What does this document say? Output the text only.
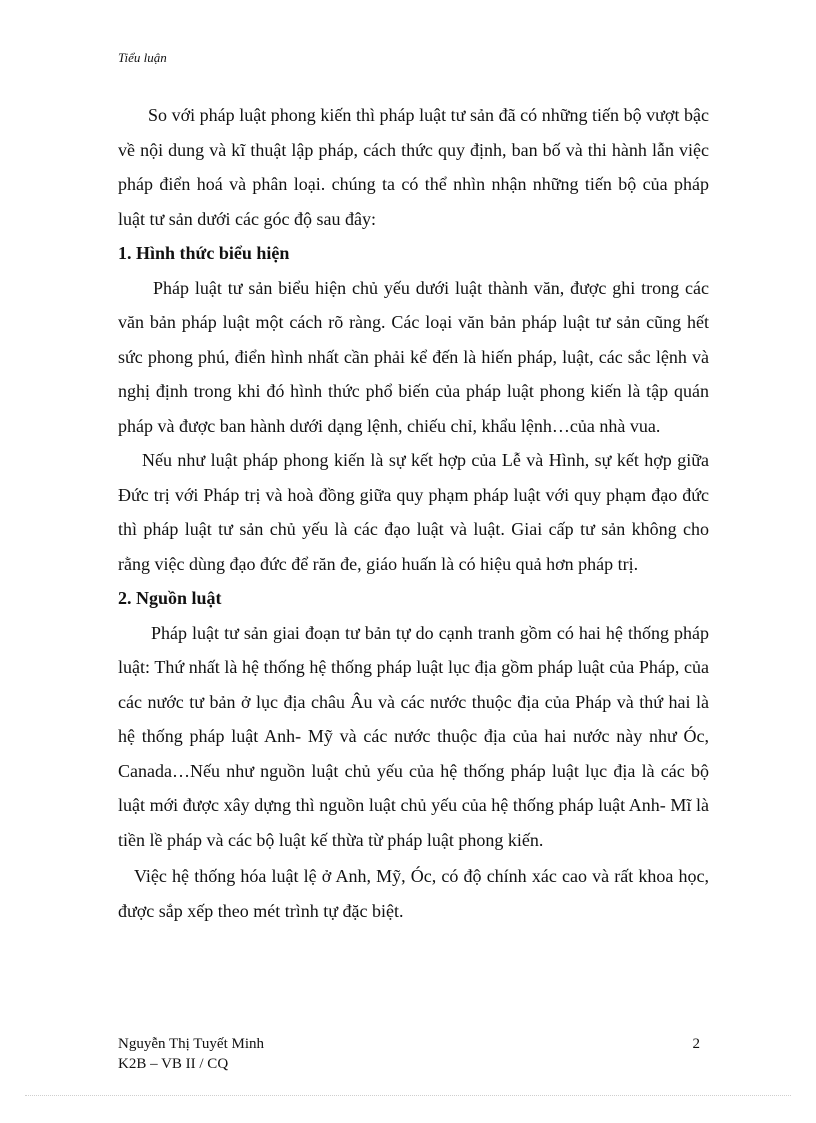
Tiểu luận

So với pháp luật phong kiến thì pháp luật tư sản đã có những tiến bộ vượt bậc về nội dung và kĩ thuật lập pháp, cách thức quy định, ban bố và thi hành lẫn việc pháp điển hoá và phân loại. chúng ta có thể nhìn nhận những tiến bộ của pháp luật tư sản dưới các góc độ sau đây:

1. Hình thức biểu hiện

Pháp luật tư sản biểu hiện chủ yếu dưới luật thành văn, được ghi trong các văn bản pháp luật một cách rõ ràng. Các loại văn bản pháp luật tư sản cũng hết sức phong phú, điển hình nhất cần phải kể đến là hiến pháp, luật, các sắc lệnh và nghị định trong khi đó hình thức phổ biến của pháp luật phong kiến là tập quán pháp và được ban hành dưới dạng lệnh, chiếu chỉ, khẩu lệnh…của nhà vua.

Nếu như luật pháp phong kiến là sự kết hợp của Lễ và Hình, sự kết hợp giữa Đức trị với Pháp trị và hoà đồng giữa quy phạm pháp luật với quy phạm đạo đức thì pháp luật tư sản chủ yếu là các đạo luật và luật. Giai cấp tư sản không cho rằng việc dùng đạo đức để răn đe, giáo huấn là có hiệu quả hơn pháp trị.

2. Nguồn luật

Pháp luật tư sản giai đoạn tư bản tự do cạnh tranh gồm có hai hệ thống pháp luật: Thứ nhất là hệ thống hệ thống pháp luật lục địa gồm pháp luật của Pháp, của các nước tư bản ở lục địa châu Âu và các nước thuộc địa của Pháp và thứ hai là hệ thống pháp luật Anh- Mỹ và các nước thuộc địa của hai nước này như Óc, Canada…Nếu như nguồn luật chủ yếu của hệ thống pháp luật lục địa là các bộ luật mới được xây dựng thì nguồn luật chủ yếu của hệ thống pháp luật Anh- Mĩ là tiền lề pháp và các bộ luật kế thừa từ pháp luật phong kiến.

Việc hệ thống hóa luật lệ ở Anh, Mỹ, Óc, có độ chính xác cao và rất khoa học, được sắp xếp theo mét trình tự đặc biệt.

Nguyễn Thị Tuyết Minh
K2B – VB II / CQ
2
